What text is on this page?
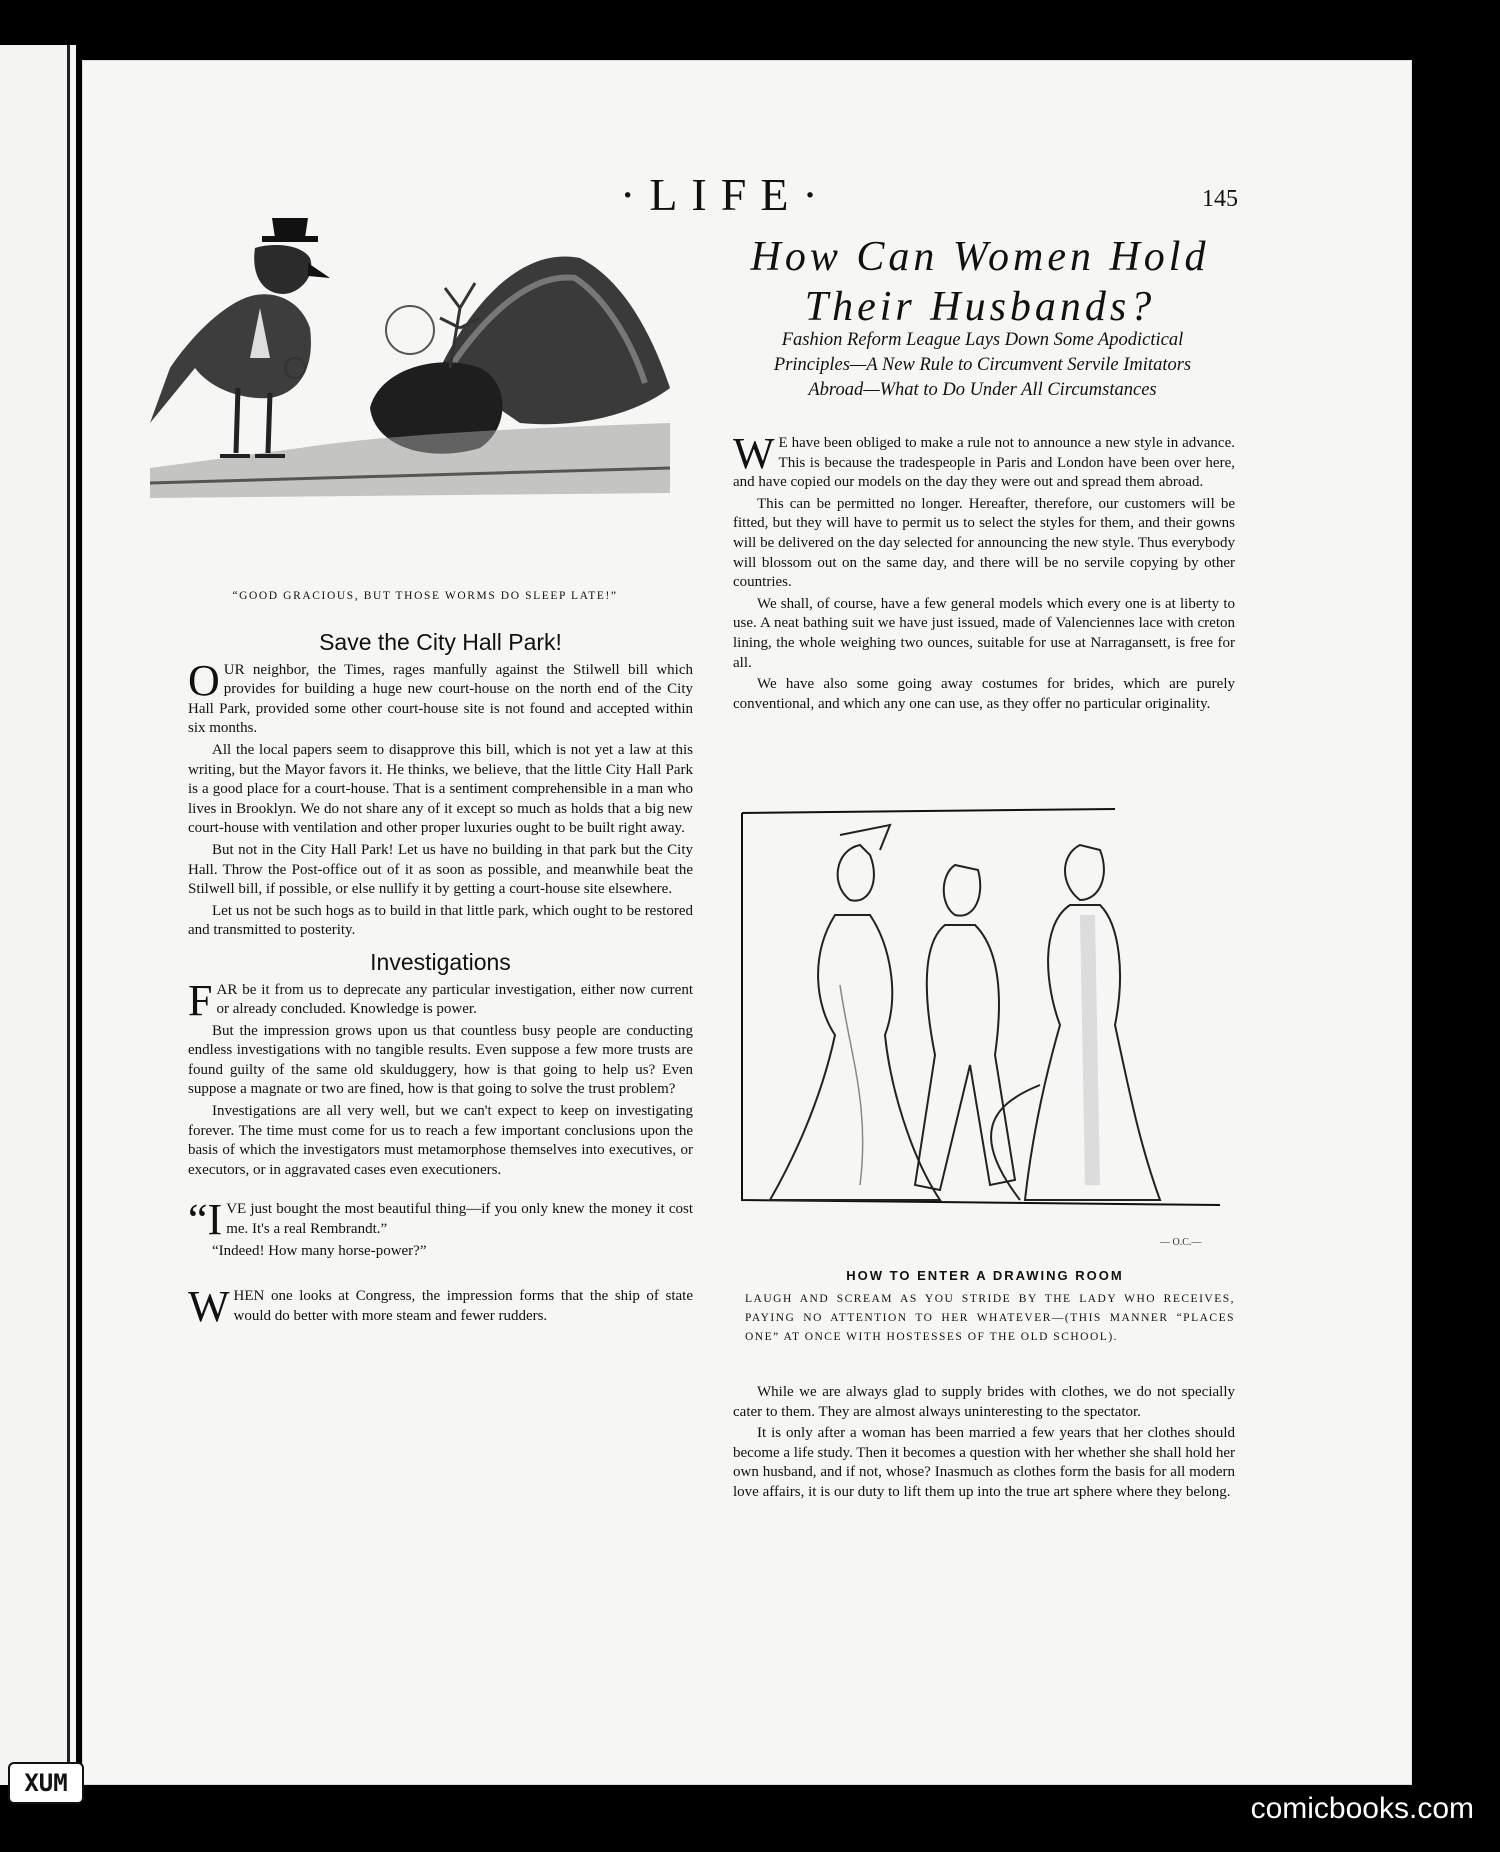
·LIFE·	145
“GOOD GRACIOUS, BUT THOSE WORMS DO SLEEP LATE!”
Save the City Hall Park!

OUR neighbor, the Times, rages manfully against the Stilwell bill which provides for building a huge new court-house on the north end of the City Hall Park, provided some other court-house site is not found and accepted within six months.

All the local papers seem to disapprove this bill, which is not yet a law at this writing, but the Mayor favors it. He thinks, we believe, that the little City Hall Park is a good place for a court-house. That is a sentiment comprehensible in a man who lives in Brooklyn. We do not share any of it except so much as holds that a big new court-house with ventilation and other proper luxuries ought to be built right away.

But not in the City Hall Park! Let us have no building in that park but the City Hall. Throw the Post-office out of it as soon as possible, and meanwhile beat the Stilwell bill, if possible, or else nullify it by getting a court-house site elsewhere.

Let us not be such hogs as to build in that little park, which ought to be restored and transmitted to posterity.

Investigations

FAR be it from us to deprecate any particular investigation, either now current or already concluded. Knowledge is power.

But the impression grows upon us that countless busy people are conducting endless investigations with no tangible results. Even suppose a few more trusts are found guilty of the same old skulduggery, how is that going to help us? Even suppose a magnate or two are fined, how is that going to solve the trust problem?

Investigations are all very well, but we can't expect to keep on investigating forever. The time must come for us to reach a few important conclusions upon the basis of which the investigators must metamorphose themselves into executives, or executors, or in aggravated cases even executioners.

“IVE just bought the most beautiful thing—if you only knew the money it cost me. It's a real Rembrandt.”

“Indeed! How many horse-power?”

WHEN one looks at Congress, the impression forms that the ship of state would do better with more steam and fewer rudders.

How Can Women Hold Their Husbands?
Fashion Reform League Lays Down Some Apodictical Principles—A New Rule to Circumvent Servile Imitators Abroad—What to Do Under All Circumstances

W E have been obliged to make a rule not to announce a new style in advance. This is because the tradespeople in Paris and London have been over here, and have copied our models on the day they were out and spread them abroad.

This can be permitted no longer. Hereafter, therefore, our customers will be fitted, but they will have to permit us to select the styles for them, and their gowns will be delivered on the day selected for announcing the new style. Thus everybody will blossom out on the same day, and there will be no servile copying by other countries.

We shall, of course, have a few general models which every one is at liberty to use. A neat bathing suit we have just issued, made of Valenciennes lace with creton lining, the whole weighing two ounces, suitable for use at Narragansett, is free for all.

We have also some going away costumes for brides, which are purely conventional, and which any one can use, as they offer no particular originality.

— O.C.—
HOW TO ENTER A DRAWING ROOM
LAUGH AND SCREAM AS YOU STRIDE BY THE LADY WHO RECEIVES, PAYING NO ATTENTION TO HER WHATEVER—(THIS MANNER “PLACES ONE” AT ONCE WITH HOSTESSES OF THE OLD SCHOOL).

While we are always glad to supply brides with clothes, we do not specially cater to them. They are almost always uninteresting to the spectator.

It is only after a woman has been married a few years that her clothes should become a life study. Then it becomes a question with her whether she shall hold her own husband, and if not, whose? Inasmuch as clothes form the basis for all modern love affairs, it is our duty to lift them up into the true art sphere where they belong.

XUM
comicbooks.com
